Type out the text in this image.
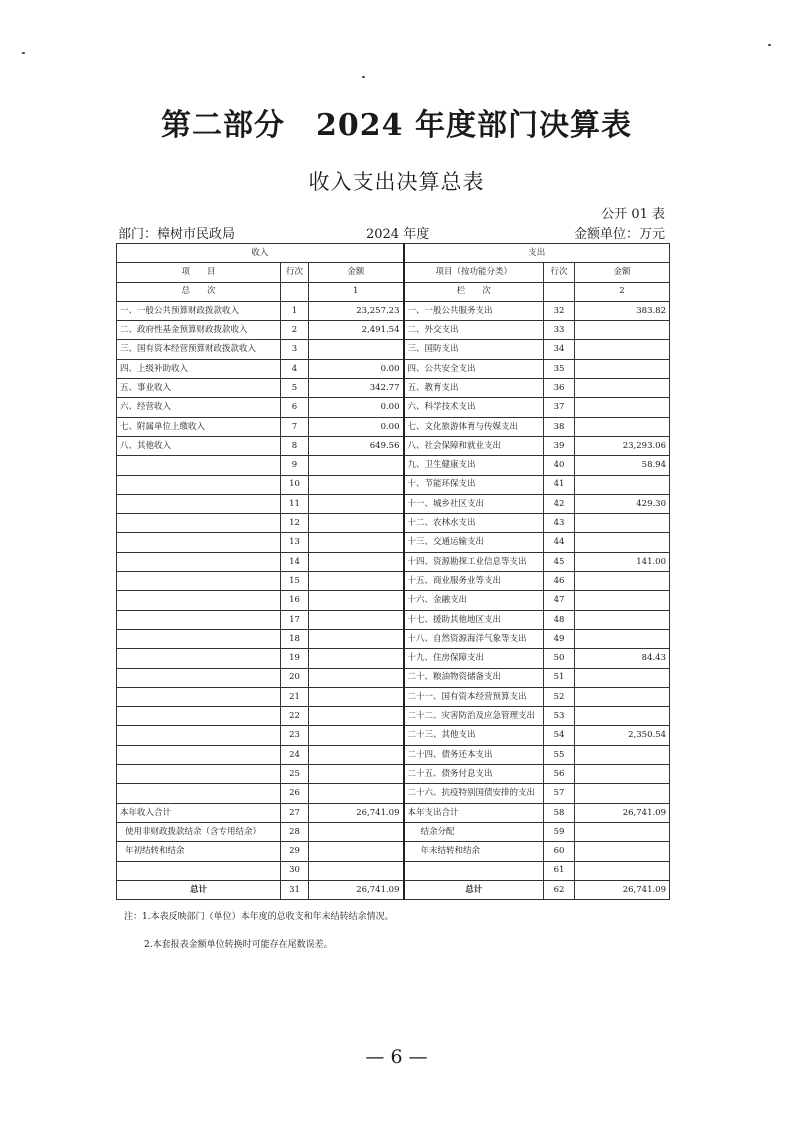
第二部分　2024 年度部门决算表
收入支出决算总表
公开 01 表
部门：樟树市民政局	2024 年度	金额单位：万元
收入			支出		
项　　目	行次	金额	项目（按功能分类）	行次	金额
总　　次		1	栏　　次		2
一、一般公共预算财政拨款收入	1	23,257.23	一、一般公共服务支出	32	383.82
二、政府性基金预算财政拨款收入	2	2,491.54	二、外交支出	33	
三、国有资本经营预算财政拨款收入	3		三、国防支出	34	
四、上级补助收入	4	0.00	四、公共安全支出	35	
五、事业收入	5	342.77	五、教育支出	36	
六、经营收入	6	0.00	六、科学技术支出	37	
七、附属单位上缴收入	7	0.00	七、文化旅游体育与传媒支出	38	
八、其他收入	8	649.56	八、社会保障和就业支出	39	23,293.06
	9		九、卫生健康支出	40	58.94
	10		十、节能环保支出	41	
	11		十一、城乡社区支出	42	429.30
	12		十二、农林水支出	43	
	13		十三、交通运输支出	44	
	14		十四、资源勘探工业信息等支出	45	141.00
	15		十五、商业服务业等支出	46	
	16		十六、金融支出	47	
	17		十七、援助其他地区支出	48	
	18		十八、自然资源海洋气象等支出	49	
	19		十九、住房保障支出	50	84.43
	20		二十、粮油物资储备支出	51	
	21		二十一、国有资本经营预算支出	52	
	22		二十二、灾害防治及应急管理支出	53	
	23		二十三、其他支出	54	2,350.54
	24		二十四、债务还本支出	55	
	25		二十五、债务付息支出	56	
	26		二十六、抗疫特别国债安排的支出	57	
本年收入合计	27	26,741.09	本年支出合计	58	26,741.09
使用非财政拨款结余（含专用结余）	28		结余分配	59	
年初结转和结余	29		年末结转和结余	60	
	30			61	
总计	31	26,741.09	总计	62	26,741.09
注：1.本表反映部门（单位）本年度的总收支和年末结转结余情况。
2.本套报表金额单位转换时可能存在尾数误差。
— 6 —
